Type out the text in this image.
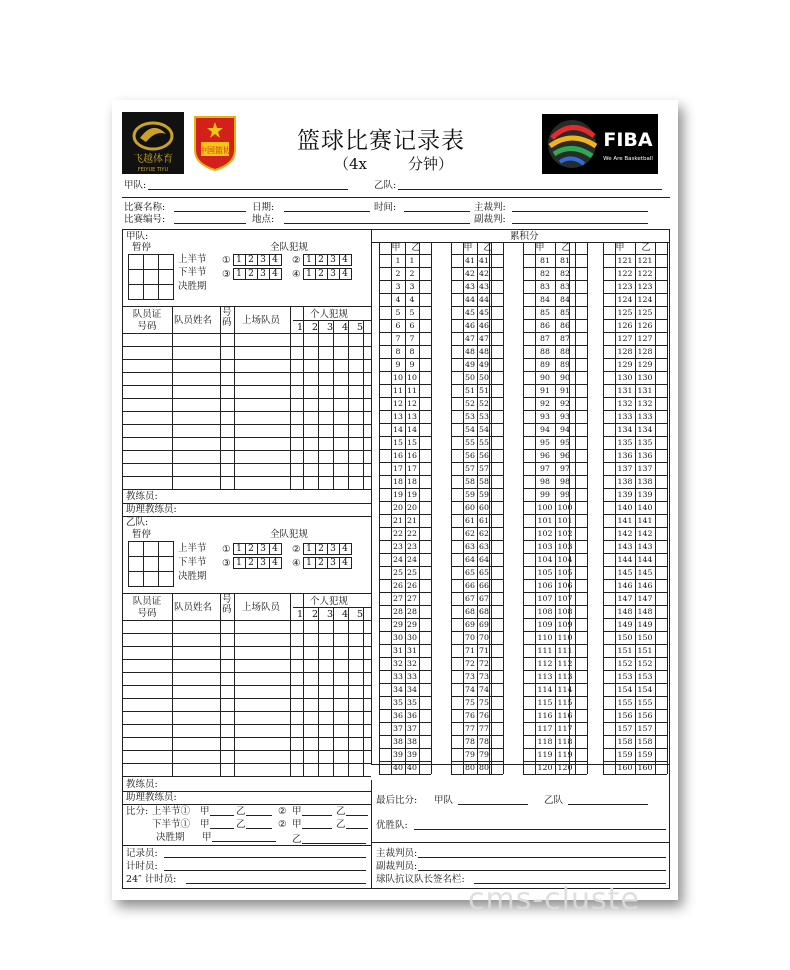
飞越体育
FEIYUE TIYU
中国篮协	篮球比赛记录表
（4x	分钟）
FIBA
We Are Basketball
甲队:	乙队:
比赛名称:	日期:	时间:	主裁判:
比赛编号:	地点:	副裁判:
甲队:
暂停	全队犯规
上半节
下半节
决胜期
① 1 2 3 4	② 1 2 3 4
③ 1 2 3 4	④ 1 2 3 4
队员证号码
队员姓名
号码 上场队员
个人犯规
1 2 3 4 5
教练员:
助理教练员:
乙队:
暂停	全队犯规
上半节
下半节
决胜期
① 1 2 3 4	② 1 2 3 4
③ 1 2 3 4	④ 1 2 3 4
队员证号码
队员姓名
号码 上场队员
个人犯规
1 2 3 4 5
教练员:
助理教练员:
比分: 上半节① 甲	乙	② 甲	乙
下半节① 甲	乙	② 甲	乙
决胜期 甲	乙
记录员:
计时员:
24″ 计时员:
累积分
甲	乙
1	1
2	2
3	3
4	4
5	5
6	6
7	7
8	8
9	9
10 10
11 11
12 12
13 13
14 14
15 15
16 16
17 17
18 18
19 19
20 20
21 21
22 22
23 23
24 24
25 25
26 26
27 27
28 28
29 29
30 30
31 31
32 32
33 33
34 34
35 35
36 36
37 37
38 38
39 39
40 40
甲	乙
41 41
42 42
43 43
44 44
45 45
46 46
47 47
48 48
49 49
50 50
51 51
52 52
53 53
54 54
55 55
56 56
57 57
58 58
59 59
60 60
61 61
62 62
63 63
64 64
65 65
66 66
67 67
68 68
69 69
70 70
71 71
72 72
73 73
74 74
75 75
76 76
77 77
78 78
79 79
80 80
甲	乙
81	81
82	82
83	83
84	84
85	85
86	86
87	87
88	88
89	89
90	90
91	91
92	92
93	93
94	94
95	95
96	96
97	97
98	98
99	99
100 100
101 101
102 102
103 103
104 104
105 105
106 106
107 107
108 108
109 109
110 110
111 111
112 112
113 113
114 114
115 115
116 116
117 117
118 118
119 119
120 120
甲	乙
121 121
122 122
123 123
124 124
125 125
126 126
127 127
128 128
129 129
130 130
131 131
132 132
133 133
134 134
135 135
136 136
137 137
138 138
139 139
140 140
141 141
142 142
143 143
144 144
145 145
146 146
147 147
148 148
149 149
150 150
151 151
152 152
153 153
154 154
155 155
156 156
157 157
158 158
159 159
160 160
最后比分: 甲队	乙队
优胜队:
主裁判员:
副裁判员:
球队抗议队长签名栏:
cms-cluste
